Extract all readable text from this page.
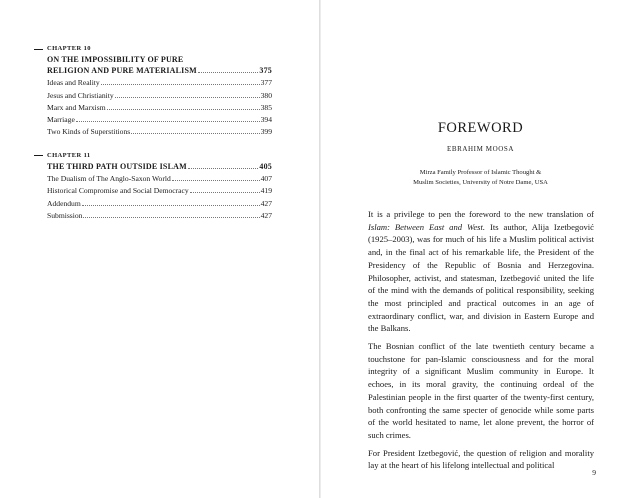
CHAPTER 10
ON THE IMPOSSIBILITY OF PURE
RELIGION AND PURE MATERIALISM	375
Ideas and Reality	377
Jesus and Christianity	380
Marx and Marxism	385
Marriage	394
Two Kinds of Superstitions	399
CHAPTER 11
THE THIRD PATH OUTSIDE ISLAM	405
The Dualism of The Anglo-Saxon World	407
Historical Compromise and Social Democracy	419
Addendum	427
Submission	427
FOREWORD
EBRAHIM MOOSA
Mirza Family Professor of Islamic Thought &
Muslim Societies, University of Notre Dame, USA

It is a privilege to pen the foreword to the new translation of Islam: Between East and West. Its author, Alija Izetbegović (1925–2003), was for much of his life a Muslim political activist and, in the final act of his remarkable life, the President of the Presidency of the Republic of Bosnia and Herzegovina. Philosopher, activist, and statesman, Izetbegović united the life of the mind with the demands of political responsibility, seeking the most principled and practical outcomes in an age of extraordinary conflict, war, and division in Eastern Europe and the Balkans.

The Bosnian conflict of the late twentieth century became a touchstone for pan-Islamic consciousness and for the moral integrity of a significant Muslim community in Europe. It echoes, in its moral gravity, the continuing ordeal of the Palestinian people in the first quarter of the twenty-first century, both confronting the same specter of genocide while some parts of the world hesitated to name, let alone prevent, the horror of such crimes.

For President Izetbegović, the question of religion and morality lay at the heart of his lifelong intellectual and political

9
